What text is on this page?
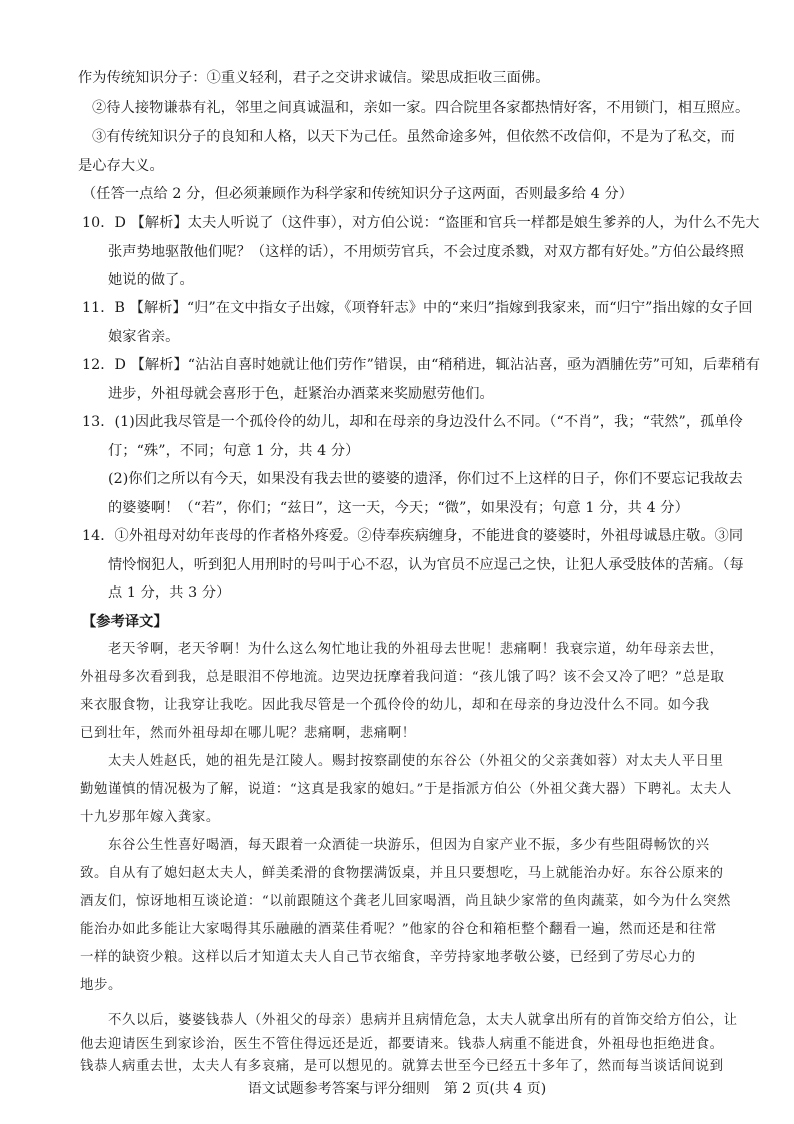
作为传统知识分子：①重义轻利，君子之交讲求诚信。梁思成拒收三面佛。
②待人接物谦恭有礼，邻里之间真诚温和，亲如一家。四合院里各家都热情好客，不用锁门，相互照应。
③有传统知识分子的良知和人格，以天下为己任。虽然命途多舛，但依然不改信仰，不是为了私交，而
是心存大义。
（任答一点给 2 分，但必须兼顾作为科学家和传统知识分子这两面，否则最多给 4 分）
10．D 【解析】太夫人听说了（这件事），对方伯公说：“盗匪和官兵一样都是娘生爹养的人，为什么不先大
张声势地驱散他们呢？（这样的话），不用烦劳官兵，不会过度杀戮，对双方都有好处。”方伯公最终照
她说的做了。
11．B 【解析】“归”在文中指女子出嫁，《项脊轩志》中的“来归”指嫁到我家来，而“归宁”指出嫁的女子回
娘家省亲。
12．D 【解析】“沾沾自喜时她就让他们劳作”错误，由“稍稍进，辄沾沾喜，亟为酒脯佐劳”可知，后辈稍有
进步，外祖母就会喜形于色，赶紧治办酒菜来奖励慰劳他们。
13．(1)因此我尽管是一个孤伶伶的幼儿，却和在母亲的身边没什么不同。（“不肖”，我；“茕然”，孤单伶
仃；“殊”，不同；句意 1 分，共 4 分）
(2)你们之所以有今天，如果没有我去世的婆婆的遗泽，你们过不上这样的日子，你们不要忘记我故去
的婆婆啊！（“若”，你们；“兹日”，这一天，今天；“微”，如果没有；句意 1 分，共 4 分）
14．①外祖母对幼年丧母的作者格外疼爱。②侍奉疾病缠身，不能进食的婆婆时，外祖母诚恳庄敬。③同
情怜悯犯人，听到犯人用刑时的号叫于心不忍，认为官员不应逞己之快，让犯人承受肢体的苦痛。（每
点 1 分，共 3 分）
【参考译文】
老天爷啊，老天爷啊！为什么这么匆忙地让我的外祖母去世呢！悲痛啊！我衰宗道，幼年母亲去世，
外祖母多次看到我，总是眼泪不停地流。边哭边抚摩着我问道：“孩儿饿了吗？该不会又冷了吧？”总是取
来衣服食物，让我穿让我吃。因此我尽管是一个孤伶伶的幼儿，却和在母亲的身边没什么不同。如今我
已到壮年，然而外祖母却在哪儿呢？悲痛啊，悲痛啊！
太夫人姓赵氏，她的祖先是江陵人。赐封按察副使的东谷公（外祖父的父亲龚如蓉）对太夫人平日里
勤勉谨慎的情况极为了解，说道：“这真是我家的媳妇。”于是指派方伯公（外祖父龚大器）下聘礼。太夫人
十九岁那年嫁入龚家。
东谷公生性喜好喝酒，每天跟着一众酒徒一块游乐，但因为自家产业不振，多少有些阻碍畅饮的兴
致。自从有了媳妇赵太夫人，鲜美柔滑的食物摆满饭桌，并且只要想吃，马上就能治办好。东谷公原来的
酒友们，惊讶地相互谈论道：“以前跟随这个龚老儿回家喝酒，尚且缺少家常的鱼肉蔬菜，如今为什么突然
能治办如此多能让大家喝得其乐融融的酒菜佳肴呢？”他家的谷仓和箱柜整个翻看一遍，然而还是和往常
一样的缺资少粮。这样以后才知道太夫人自己节衣缩食，辛劳持家地孝敬公婆，已经到了劳尽心力的
地步。
不久以后，婆婆钱恭人（外祖父的母亲）患病并且病情危急，太夫人就拿出所有的首饰交给方伯公，让
他去迎请医生到家诊治，医生不管住得远还是近，都要请来。钱恭人病重不能进食，外祖母也拒绝进食。
钱恭人病重去世，太夫人有多哀痛，是可以想见的。就算去世至今已经五十多年了，然而每当谈话间说到
语文试题参考答案与评分细则　第 2 页(共 4 页)
